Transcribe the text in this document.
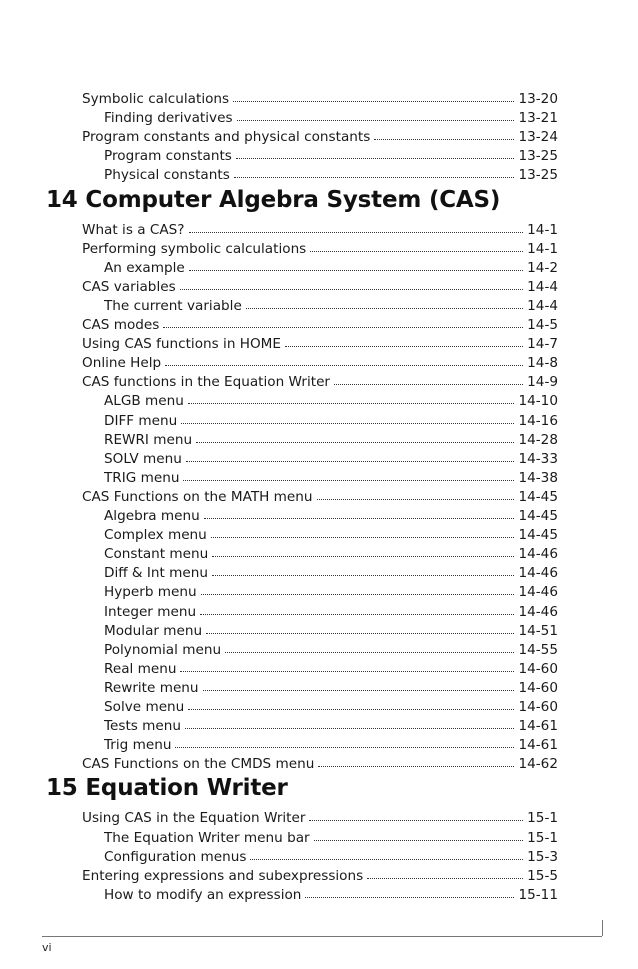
Symbolic calculations	13-20
Finding derivatives	13-21
Program constants and physical constants	13-24
Program constants	13-25
Physical constants	13-25
14 Computer Algebra System (CAS)
What is a CAS?	14-1
Performing symbolic calculations	14-1
An example	14-2
CAS variables	14-4
The current variable	14-4
CAS modes	14-5
Using CAS functions in HOME	14-7
Online Help	14-8
CAS functions in the Equation Writer	14-9
ALGB menu	14-10
DIFF menu	14-16
REWRI menu	14-28
SOLV menu	14-33
TRIG menu	14-38
CAS Functions on the MATH menu	14-45
Algebra menu	14-45
Complex menu	14-45
Constant menu	14-46
Diff & Int menu	14-46
Hyperb menu	14-46
Integer menu	14-46
Modular menu	14-51
Polynomial menu	14-55
Real menu	14-60
Rewrite menu	14-60
Solve menu	14-60
Tests menu	14-61
Trig menu	14-61
CAS Functions on the CMDS menu	14-62
15 Equation Writer
Using CAS in the Equation Writer	15-1
The Equation Writer menu bar	15-1
Configuration menus	15-3
Entering expressions and subexpressions	15-5
How to modify an expression	15-11
vi
